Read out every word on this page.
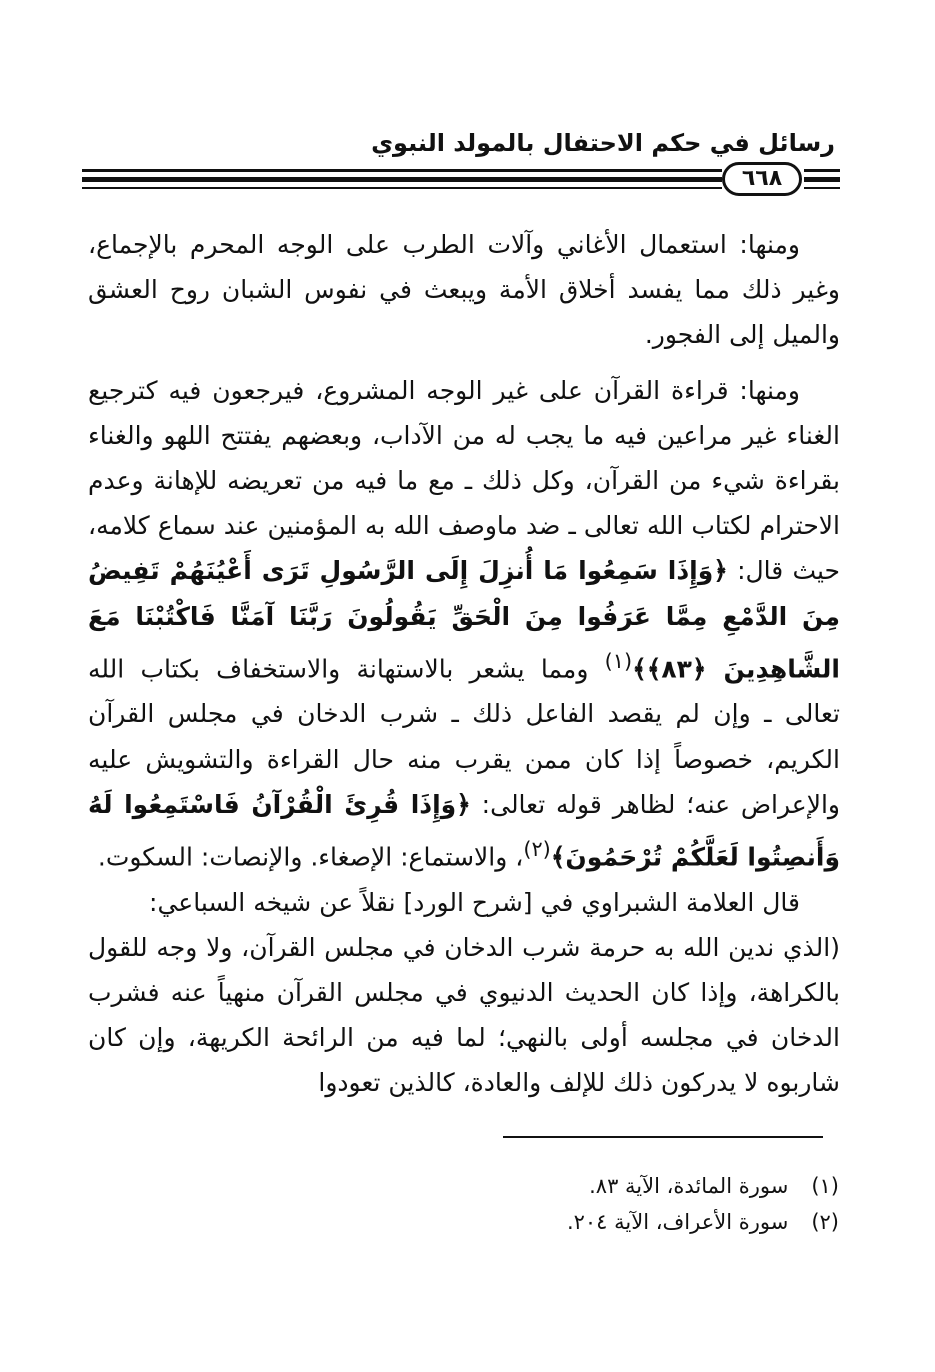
رسائل في حكم الاحتفال بالمولد النبوي
٦٦٨

ومنها: استعمال الأغاني وآلات الطرب على الوجه المحرم بالإجماع، وغير ذلك مما يفسد أخلاق الأمة ويبعث في نفوس الشبان روح العشق والميل إلى الفجور.

ومنها: قراءة القرآن على غير الوجه المشروع، فيرجعون فيه كترجيع الغناء غير مراعين فيه ما يجب له من الآداب، وبعضهم يفتتح اللهو والغناء بقراءة شيء من القرآن، وكل ذلك ـ مع ما فيه من تعريضه للإهانة وعدم الاحترام لكتاب الله تعالى ـ ضد ماوصف الله به المؤمنين عند سماع كلامه، حيث قال: ﴿وَإِذَا سَمِعُوا مَا أُنزِلَ إِلَى الرَّسُولِ تَرَى أَعْيُنَهُمْ تَفِيضُ مِنَ الدَّمْعِ مِمَّا عَرَفُوا مِنَ الْحَقِّ يَقُولُونَ رَبَّنَا آمَنَّا فَاكْتُبْنَا مَعَ الشَّاهِدِينَ ﴿٨٣﴾﴾$^{(١)}$ ومما يشعر بالاستهانة والاستخفاف بكتاب الله تعالى ـ وإن لم يقصد الفاعل ذلك ـ شرب الدخان في مجلس القرآن الكريم، خصوصاً إذا كان ممن يقرب منه حال القراءة والتشويش عليه والإعراض عنه؛ لظاهر قوله تعالى: ﴿وَإِذَا قُرِئَ الْقُرْآنُ فَاسْتَمِعُوا لَهُ وَأَنصِتُوا لَعَلَّكُمْ تُرْحَمُونَ﴾$^{(٢)}$، والاستماع: الإصغاء. والإنصات: السكوت.

قال العلامة الشبراوي في [شرح الورد] نقلاً عن شيخه السباعي:

(الذي ندين الله به حرمة شرب الدخان في مجلس القرآن، ولا وجه للقول بالكراهة، وإذا كان الحديث الدنيوي في مجلس القرآن منهياً عنه فشرب الدخان في مجلسه أولى بالنهي؛ لما فيه من الرائحة الكريهة، وإن كان شاربوه لا يدركون ذلك للإلف والعادة، كالذين تعودوا

(١) سورة المائدة، الآية ٨٣.
(٢) سورة الأعراف، الآية ٢٠٤.
